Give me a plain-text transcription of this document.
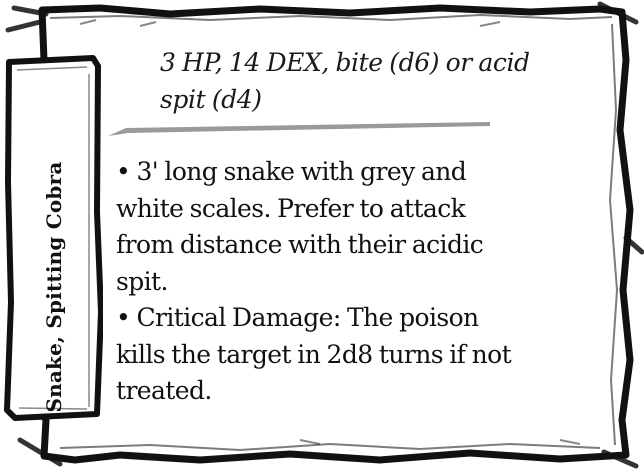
Snake, Spitting Cobra
3 HP, 14 DEX, bite (d6) or acid
spit (d4)

• 3' long snake with grey and white scales. Prefer to attack from distance with their acidic spit.

• Critical Damage: The poison kills the target in 2d8 turns if not treated.
